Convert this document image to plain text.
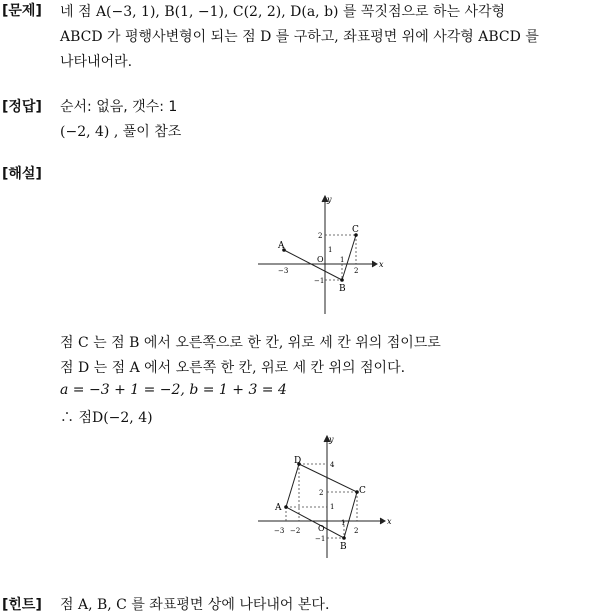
[문제] 네 점 A(−3, 1), B(1, −1), C(2, 2), D(a, b) 를 꼭짓점으로 하는 사각형
ABCD 가 평행사변형이 되는 점 D 를 구하고, 좌표평면 위에 사각형 ABCD 를
나타내어라.
[정답] 순서: 없음, 갯수: 1
(−2, 4) , 풀이 참조
[해설]
A
B
C
y
x
O
−3
1
2
2
1
−1
점 C 는 점 B 에서 오른쪽으로 한 칸, 위로 세 칸 위의 점이므로
점 D 는 점 A 에서 오른쪽 한 칸, 위로 세 칸 위의 점이다.
a = −3 + 1 = −2, b = 1 + 3 = 4
∴ 점D(−2, 4)
A
B
C
D
y
x
O
−3 −2
1
2
4
2
1
−1
[힌트] 점 A, B, C 를 좌표평면 상에 나타내어 본다.
